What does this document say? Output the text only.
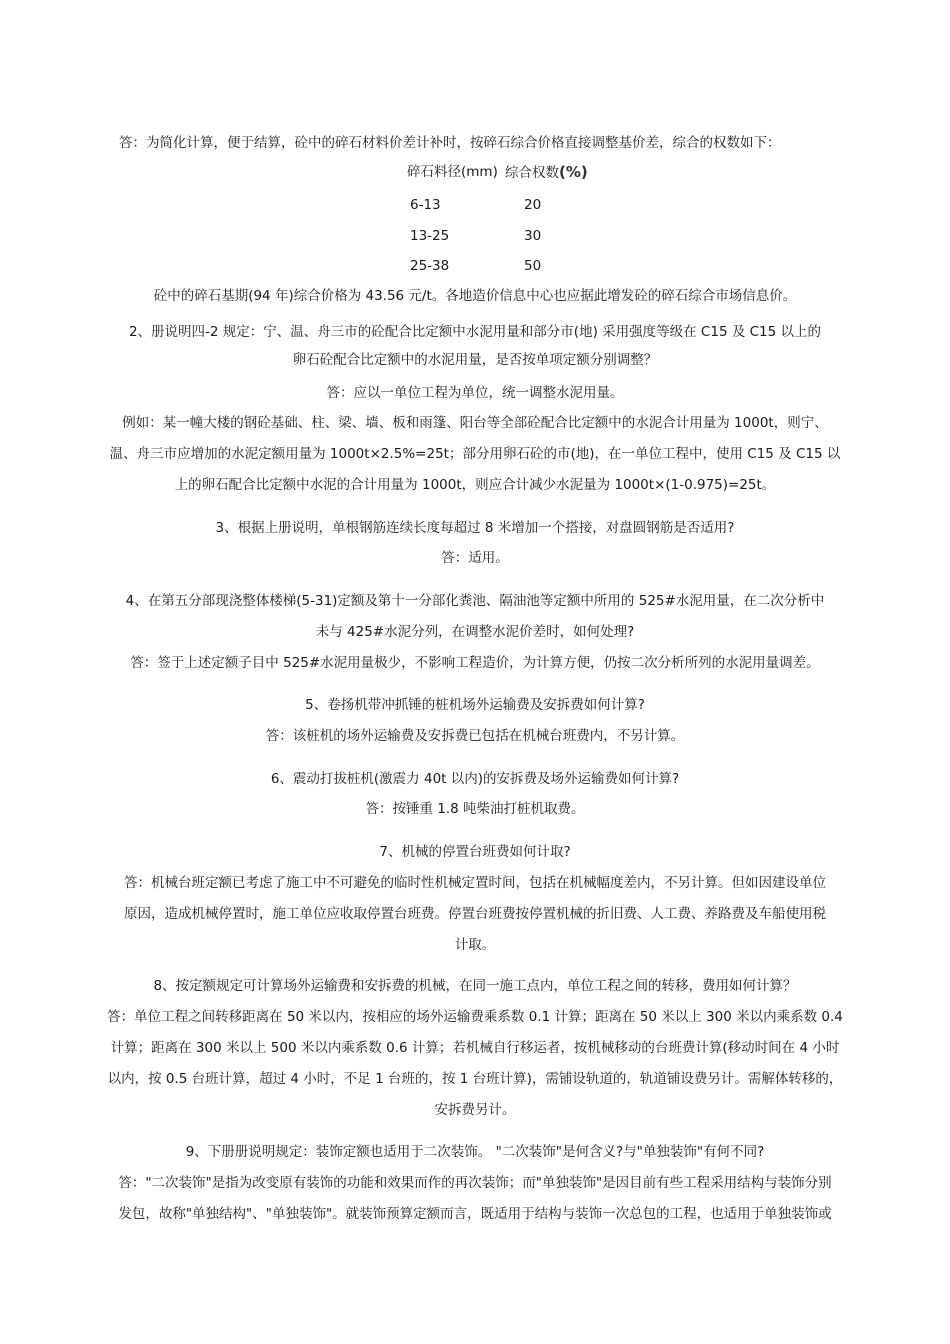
答：为简化计算，便于结算，砼中的碎石材料价差计补时，按碎石综合价格直接调整基价差，综合的权数如下：
碎石料径(mm) 综合权数(%)
6-13	20
13-25	30
25-38	50
砼中的碎石基期(94 年)综合价格为 43.56 元/t。各地造价信息中心也应据此增发砼的碎石综合市场信息价。
2、册说明四-2 规定：宁、温、舟三市的砼配合比定额中水泥用量和部分市(地) 采用强度等级在 C15 及 C15 以上的
卵石砼配合比定额中的水泥用量，是否按单项定额分别调整？
答：应以一单位工程为单位，统一调整水泥用量。
例如：某一幢大楼的钢砼基础、柱、梁、墙、板和雨篷、阳台等全部砼配合比定额中的水泥合计用量为 1000t，则宁、
温、舟三市应增加的水泥定额用量为 1000t×2.5%=25t；部分用卵石砼的市(地)，在一单位工程中，使用 C15 及 C15 以
上的卵石配合比定额中水泥的合计用量为 1000t，则应合计减少水泥量为 1000t×(1-0.975)=25t。
3、根据上册说明，单根钢筋连续长度每超过 8 米增加一个搭接，对盘圆钢筋是否适用?
答：适用。
4、在第五分部现浇整体楼梯(5-31)定额及第十一分部化粪池、隔油池等定额中所用的 525#水泥用量，在二次分析中
未与 425#水泥分列，在调整水泥价差时，如何处理?
答：签于上述定额子目中 525#水泥用量极少，不影响工程造价，为计算方便，仍按二次分析所列的水泥用量调差。
5、卷扬机带冲抓锤的桩机场外运输费及安拆费如何计算?
答：该桩机的场外运输费及安拆费已包括在机械台班费内，不另计算。
6、震动打拔桩机(激震力 40t 以内)的安拆费及场外运输费如何计算?
答：按锤重 1.8 吨柴油打桩机取费。
7、机械的停置台班费如何计取?
答：机械台班定额已考虑了施工中不可避免的临时性机械定置时间，包括在机械幅度差内，不另计算。但如因建设单位
原因，造成机械停置时，施工单位应收取停置台班费。停置台班费按停置机械的折旧费、人工费、养路费及车船使用税
计取。
8、按定额规定可计算场外运输费和安拆费的机械，在同一施工点内，单位工程之间的转移，费用如何计算？
答：单位工程之间转移距离在 50 米以内，按相应的场外运输费乘系数 0.1 计算；距离在 50 米以上 300 米以内乘系数 0.4
计算；距离在 300 米以上 500 米以内乘系数 0.6 计算；若机械自行移运者，按机械移动的台班费计算(移动时间在 4 小时
以内，按 0.5 台班计算，超过 4 小时，不足 1 台班的，按 1 台班计算)，需铺设轨道的，轨道铺设费另计。需解体转移的，
安拆费另计。
9、下册册说明规定：装饰定额也适用于二次装饰。 "二次装饰"是何含义?与"单独装饰"有何不同?
答："二次装饰"是指为改变原有装饰的功能和效果而作的再次装饰；而"单独装饰"是因目前有些工程采用结构与装饰分别
发包，故称"单独结构"、"单独装饰"。就装饰预算定额而言，既适用于结构与装饰一次总包的工程，也适用于单独装饰或
